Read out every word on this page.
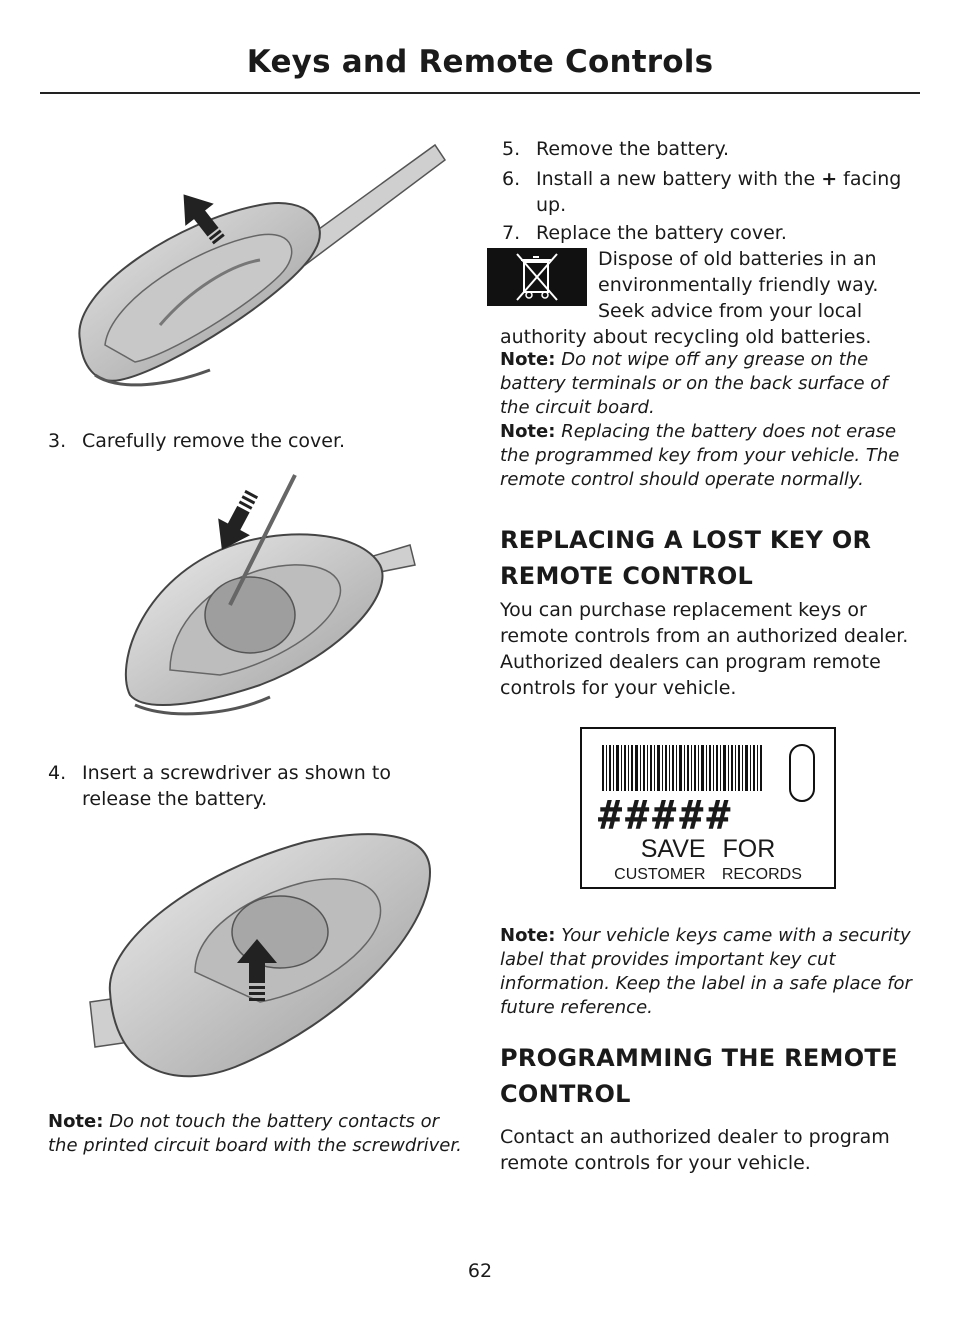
Keys and Remote Controls
3. Carefully remove the cover.
4. Insert a screwdriver as shown to release the battery.
Note: Do not touch the battery contacts or the printed circuit board with the screwdriver.
5. Remove the battery.
6. Install a new battery with the + facing up.
7. Replace the battery cover.
Dispose of old batteries in an environmentally friendly way. Seek advice from your local authority about recycling old batteries.
Note: Do not wipe off any grease on the battery terminals or on the back surface of the circuit board.
Note: Replacing the battery does not erase the programmed key from your vehicle. The remote control should operate normally.
REPLACING A LOST KEY OR
REMOTE CONTROL
You can purchase replacement keys or remote controls from an authorized dealer. Authorized dealers can program remote controls for your vehicle.
#####
SAVE FOR
CUSTOMER RECORDS
Note: Your vehicle keys came with a security label that provides important key cut information. Keep the label in a safe place for future reference.
PROGRAMMING THE REMOTE
CONTROL
Contact an authorized dealer to program remote controls for your vehicle.
62
